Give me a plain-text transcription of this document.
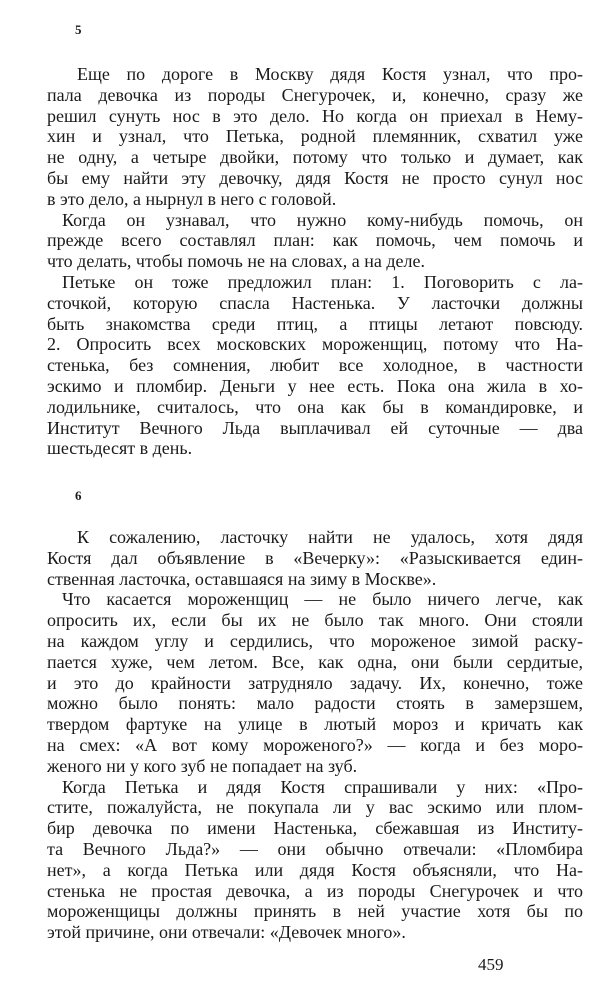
5
Еще по дороге в Москву дядя Костя узнал, что про-
пала девочка из породы Снегурочек, и, конечно, сразу же
решил сунуть нос в это дело. Но когда он приехал в Нему-
хин и узнал, что Петька, родной племянник, схватил уже
не одну, а четыре двойки, потому что только и думает, как
бы ему найти эту девочку, дядя Костя не просто сунул нос
в это дело, а нырнул в него с головой.
Когда он узнавал, что нужно кому-нибудь помочь, он
прежде всего составлял план: как помочь, чем помочь и
что делать, чтобы помочь не на словах, а на деле.
Петьке он тоже предложил план: 1. Поговорить с ла-
сточкой, которую спасла Настенька. У ласточки должны
быть знакомства среди птиц, а птицы летают повсюду.
2. Опросить всех московских мороженщиц, потому что На-
стенька, без сомнения, любит все холодное, в частности
эскимо и пломбир. Деньги у нее есть. Пока она жила в хо-
лодильнике, считалось, что она как бы в командировке, и
Институт Вечного Льда выплачивал ей суточные — два
шестьдесят в день.
6
К сожалению, ласточку найти не удалось, хотя дядя
Костя дал объявление в «Вечерку»: «Разыскивается един-
ственная ласточка, оставшаяся на зиму в Москве».
Что касается мороженщиц — не было ничего легче, как
опросить их, если бы их не было так много. Они стояли
на каждом углу и сердились, что мороженое зимой раску-
пается хуже, чем летом. Все, как одна, они были сердитые,
и это до крайности затрудняло задачу. Их, конечно, тоже
можно было понять: мало радости стоять в замерзшем,
твердом фартуке на улице в лютый мороз и кричать как
на смех: «А вот кому мороженого?» — когда и без моро-
женого ни у кого зуб не попадает на зуб.
Когда Петька и дядя Костя спрашивали у них: «Про-
стите, пожалуйста, не покупала ли у вас эскимо или плом-
бир девочка по имени Настенька, сбежавшая из Институ-
та Вечного Льда?» — они обычно отвечали: «Пломбира
нет», а когда Петька или дядя Костя объясняли, что На-
стенька не простая девочка, а из породы Снегурочек и что
мороженщицы должны принять в ней участие хотя бы по
этой причине, они отвечали: «Девочек много».
459
